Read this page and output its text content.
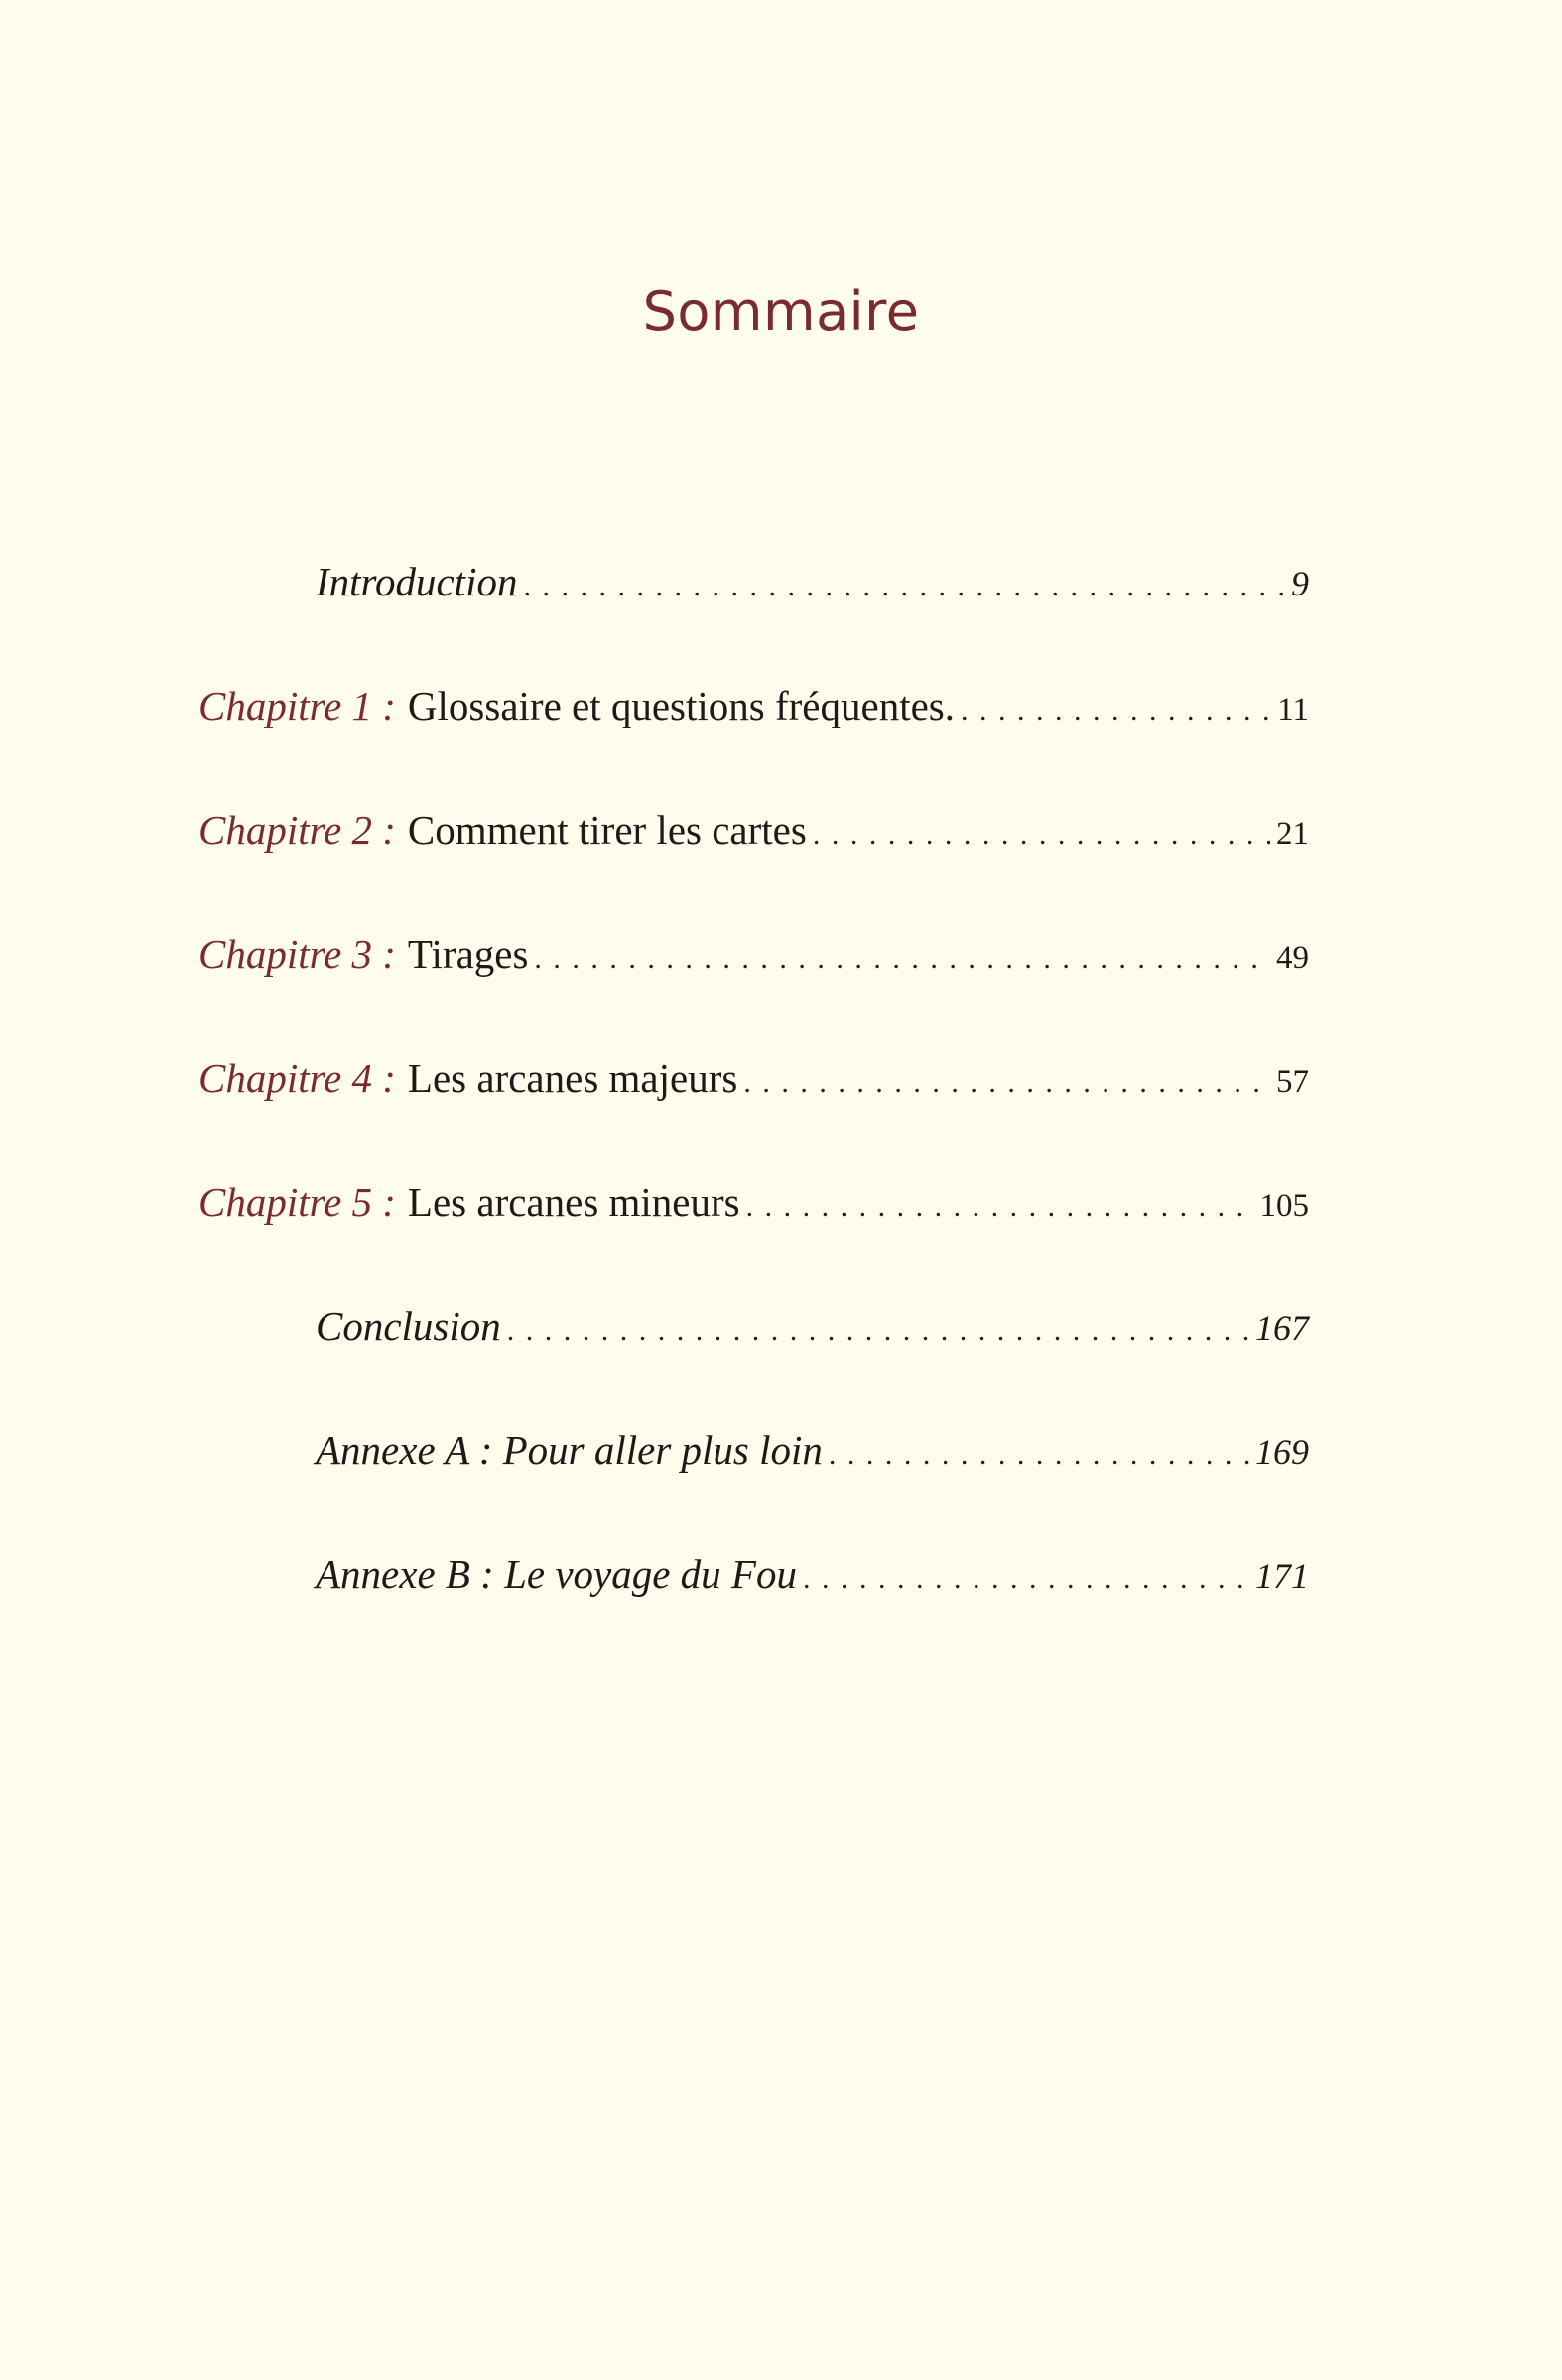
Sommaire
Introduction . . .	9
Chapitre 1 : Glossaire et questions fréquentes. . . .	11
Chapitre 2 : Comment tirer les cartes . . .	21
Chapitre 3 : Tirages . . .	49
Chapitre 4 : Les arcanes majeurs . . .	57
Chapitre 5 : Les arcanes mineurs . . .	105
Conclusion . . .	167
Annexe A : Pour aller plus loin . . .	169
Annexe B : Le voyage du Fou . . .	171
